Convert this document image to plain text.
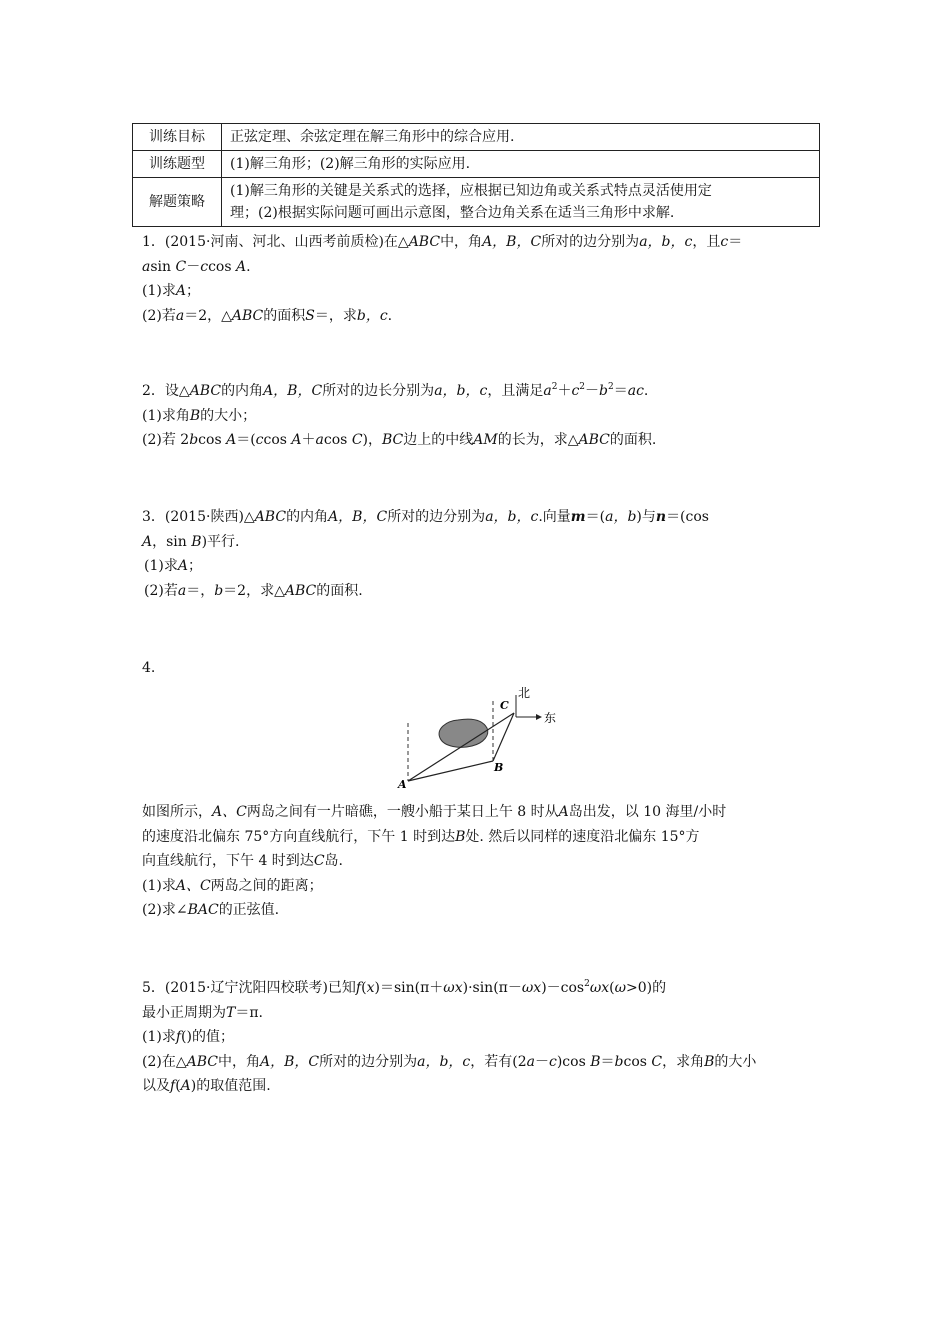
训练目标	正弦定理、余弦定理在解三角形中的综合应用.
训练题型	(1)解三角形；(2)解三角形的实际应用.
解题策略	(1)解三角形的关键是关系式的选择，应根据已知边角或关系式特点灵活使用定
理；(2)根据实际问题可画出示意图，整合边角关系在适当三角形中求解.
1．(2015·河南、河北、山西考前质检)在△ABC中，角A，B，C所对的边分别为a，b，c，且c＝
asin C－ccos A.
(1)求A；
(2)若a＝2，△ABC的面积S＝，求b，c.
2．设△ABC的内角A，B，C所对的边长分别为a，b，c，且满足$a^2+c^2-b^2=ac$.
(1)求角B的大小；
(2)若 2bcos A＝(ccos A＋acos C)，BC边上的中线AM的长为，求△ABC的面积.
3．(2015·陕西)△ABC的内角A，B，C所对的边分别为a，b，c.向量m＝(a，b)与n＝(cos
A，sin B)平行.
(1)求A；
(2)若a＝，b＝2，求△ABC的面积.
4.
北
东
A
B
C
如图所示，A、C两岛之间有一片暗礁，一艘小船于某日上午 8 时从A岛出发，以 10 海里/小时
的速度沿北偏东 75°方向直线航行，下午 1 时到达B处. 然后以同样的速度沿北偏东 15°方
向直线航行，下午 4 时到达C岛.
(1)求A、C两岛之间的距离；
(2)求∠BAC的正弦值.
5．(2015·辽宁沈阳四校联考)已知$f(x)=\sin(\pi+\omega x)\cdot\sin(\pi-\omega x)-\cos^2\omega x(\omega>0)$的
最小正周期为T＝π.
(1)求f()的值；
(2)在△ABC中，角A，B，C所对的边分别为a，b，c，若有(2a－c)cos B＝bcos C，求角B的大小
以及f(A)的取值范围.
